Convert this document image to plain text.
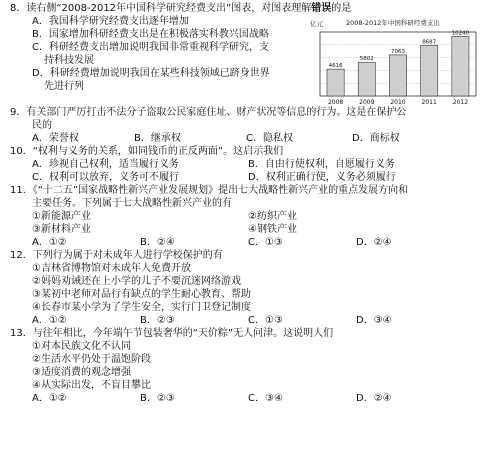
8．读右侧“2008-2012年中国科学研究经费支出”图表，对图表理解错误的是
A．我国科学研究经费支出逐年增加
B．国家增加科研经费支出是在积极落实科教兴国战略
C．科研经费支出增加说明我国非常重视科学研究，支
持科技发展
D．科研经费增加说明我国在某些科技领域已跻身世界
先进行列
2008-2012年中国科研经费支出
亿元
4616
2008
5802
2009
7063
2010
8687
2011
10240
2012
9．有关部门严厉打击不法分子盗取公民家庭住址、财产状况等信息的行为。这是在保护公
民的
A．荣誉权	B．继承权	C．隐私权	D．商标权
10．“权利与义务的关系，如同钱币的正反两面”。这启示我们
A．珍视自己权利，适当履行义务	B．自由行使权利，自愿履行义务
C．权利可以放弃，义务可不履行	D．权利正确行使，义务必须履行
11．《“十二五”国家战略性新兴产业发展规划》提出七大战略性新兴产业的重点发展方向和
主要任务。下列属于七大战略性新兴产业的有
①新能源产业	②纺织产业
③新材料产业	④钢铁产业
A．①②	B．②④	C．①③	D．②④
12．下列行为属于对未成年人进行学校保护的有
①吉林省博物馆对未成年人免费开放
②妈妈劝诫还在上小学的儿子不要沉迷网络游戏
③某初中老师对品行有缺点的学生耐心教育、帮助
④长春市某小学为了学生安全，实行门卫登记制度
A．①②	B．②③	C．①③	D．③④
13．与往年相比，今年端午节包装奢华的“天价粽”无人问津。这说明人们
①对本民族文化不认同
②生活水平仍处于温饱阶段
③适度消费的观念增强
④从实际出发，不盲目攀比
A．①②	B．②③	C．③④	D．②④
